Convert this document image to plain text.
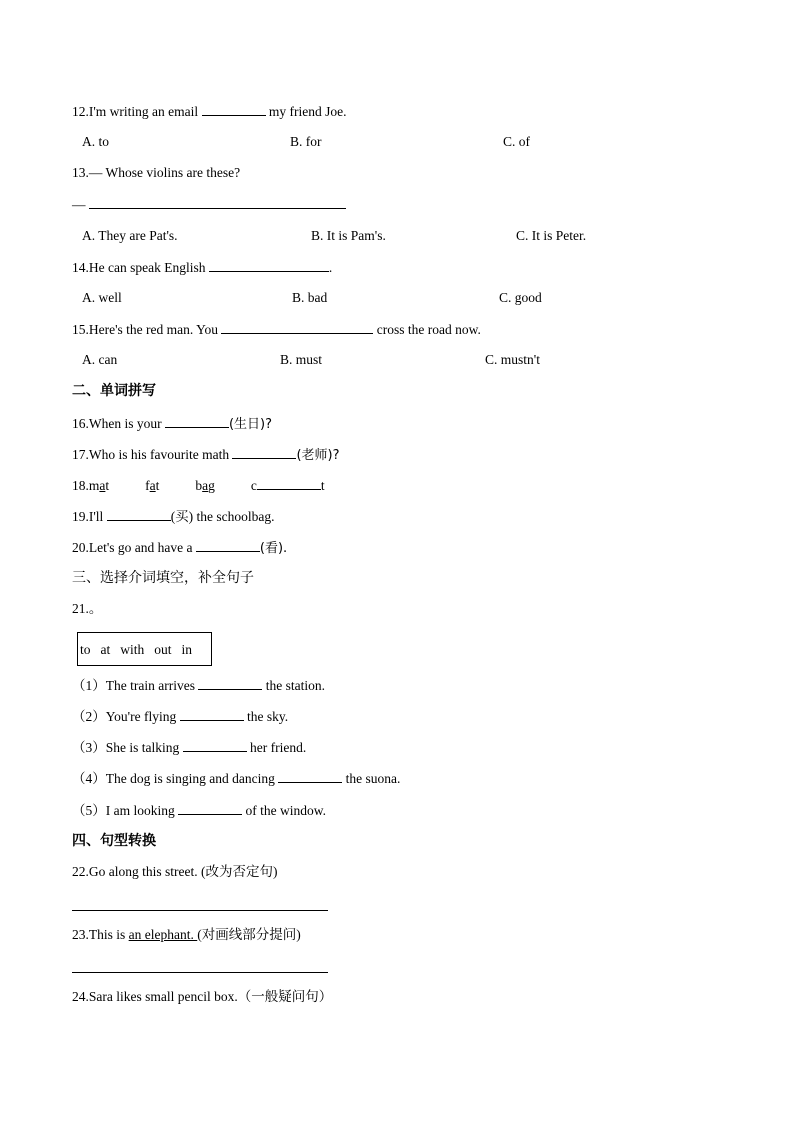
12.I'm writing an email	my friend Joe.
A. to	B. for	C. of
13.— Whose violins are these?
—
A. They are Pat's.	B. It is Pam's.	C. It is Peter.
14.He can speak English	.
A. well	B. bad	C. good
15.Here's the red man. You	cross the road now.
A. can	B. must	C. mustn't
二、单词拼写
16.When is your	(生日)?
17.Who is his favourite math	(老师)?
18.mat	fat	bag	c	t
19.I'll	(买) the schoolbag.
20.Let's go and have a	(看).
三、选择介词填空，补全句子
21.。
to at with out in
（1）The train arrives	the station.
（2）You're flying	the sky.
（3）She is talking	her friend.
（4）The dog is singing and dancing	the suona.
（5）I am looking	of the window.
四、句型转换
22.Go along this street. (改为否定句)
23.This is an elephant. (对画线部分提问)
24.Sara likes small pencil box.（一般疑问句）
